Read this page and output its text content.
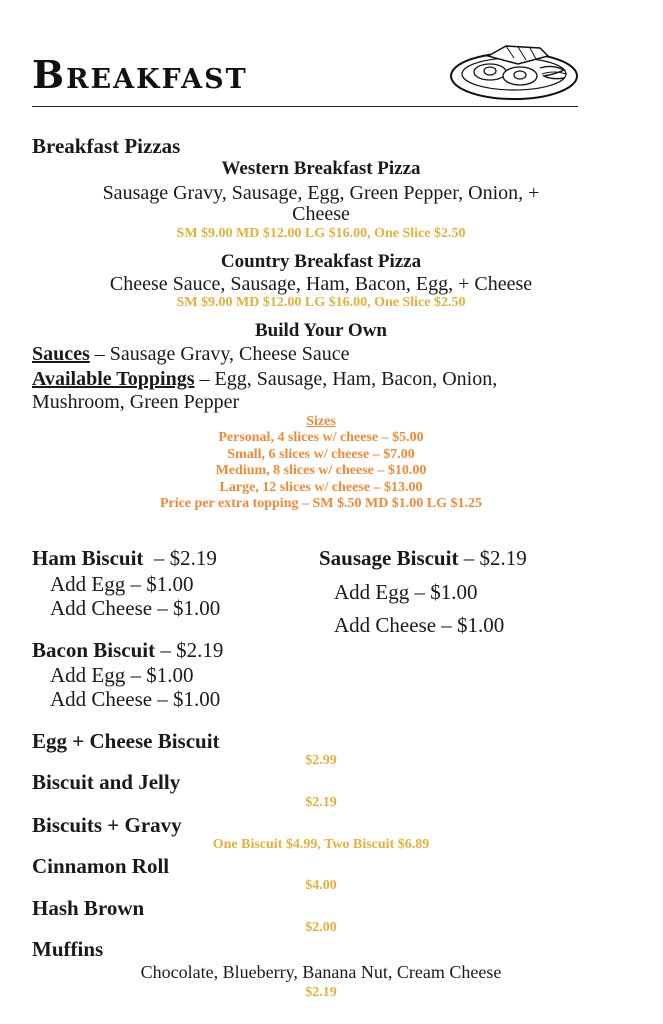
Breakfast
Breakfast Pizzas
Western Breakfast Pizza
Sausage Gravy, Sausage, Egg, Green Pepper, Onion, +
Cheese
SM $9.00 MD $12.00 LG $16.00, One Slice $2.50
Country Breakfast Pizza
Cheese Sauce, Sausage, Ham, Bacon, Egg, + Cheese
SM $9.00 MD $12.00 LG $16.00, One Slice $2.50
Build Your Own
Sauces – Sausage Gravy, Cheese Sauce
Available Toppings – Egg, Sausage, Ham, Bacon, Onion,
Mushroom, Green Pepper
Sizes
Personal, 4 slices w/ cheese – $5.00
Small, 6 slices w/ cheese – $7.00
Medium, 8 slices w/ cheese – $10.00
Large, 12 slices w/ cheese – $13.00
Price per extra topping – SM $.50 MD $1.00 LG $1.25
Ham Biscuit  – $2.19
Add Egg – $1.00
Add Cheese – $1.00
Sausage Biscuit – $2.19
Add Egg – $1.00
Add Cheese – $1.00
Bacon Biscuit – $2.19
Add Egg – $1.00
Add Cheese – $1.00
Egg + Cheese Biscuit
$2.99
Biscuit and Jelly
$2.19
Biscuits + Gravy
One Biscuit $4.99, Two Biscuit $6.89
Cinnamon Roll
$4.00
Hash Brown
$2.00
Muffins
Chocolate, Blueberry, Banana Nut, Cream Cheese
$2.19
